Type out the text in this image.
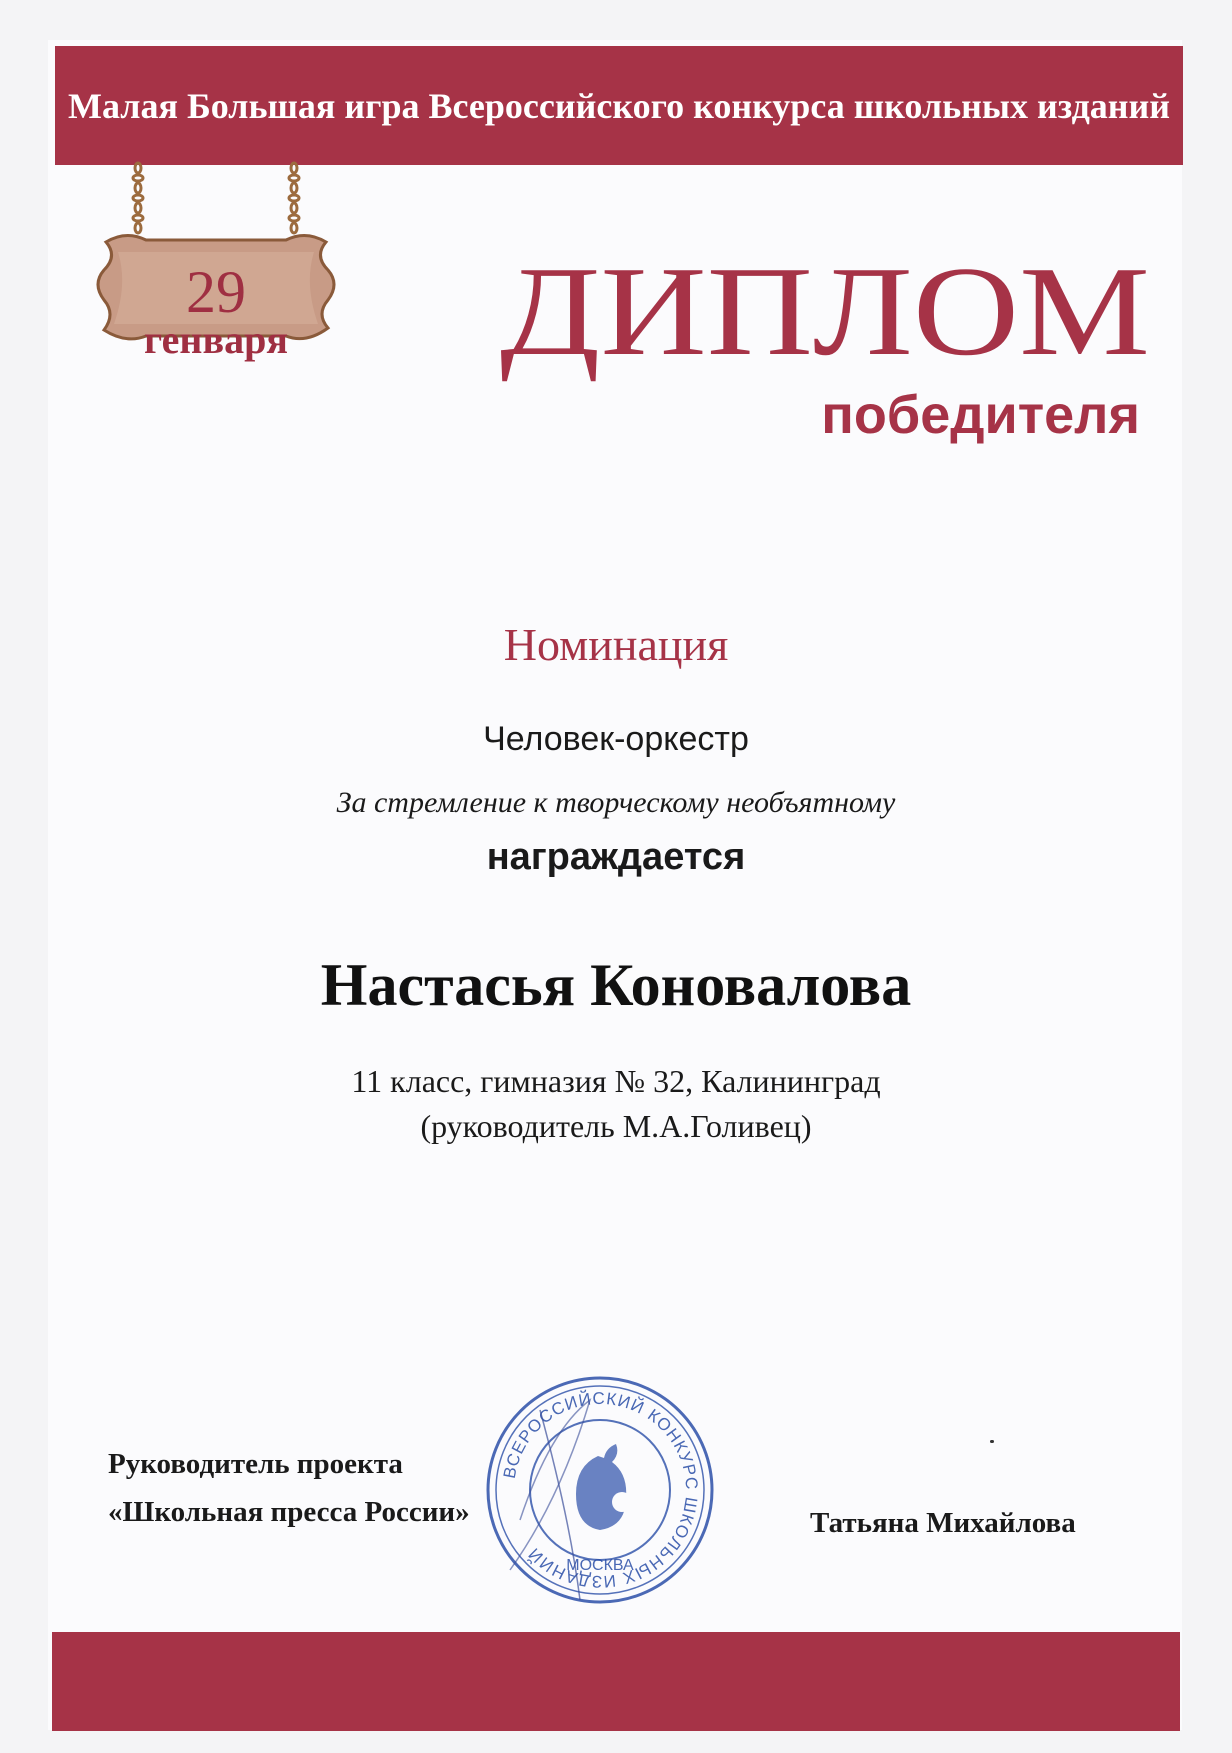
Малая Большая игра Всероссийского конкурса школьных изданий
29
генваря ДИПЛОМ
победителя
Номинация
Человек-оркестр
За стремление к творческому необъятному
награждается
Настасья Коновалова
11 класс, гимназия № 32, Калининград
(руководитель М.А.Голивец)
Руководитель проекта
«Школьная пресса России»	Татьяна Михайлова
ВСЕРОССИЙСКИЙ КОНКУРС ШКОЛЬНЫХ ИЗДАНИЙ	МОСКВА
